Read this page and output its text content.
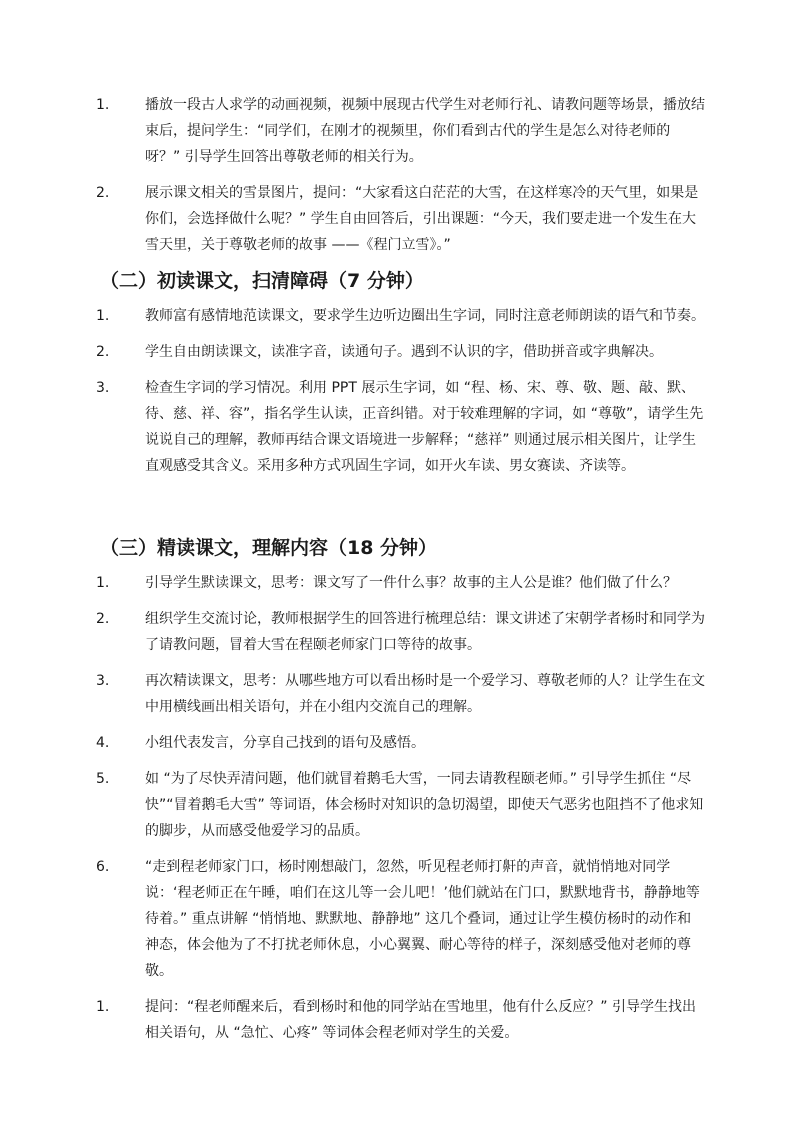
1.	播放一段古人求学的动画视频，视频中展现古代学生对老师行礼、请教问题等场景，播放结束后，提问学生：“同学们，在刚才的视频里，你们看到古代的学生是怎么对待老师的呀？” 引导学生回答出尊敬老师的相关行为。
2.	展示课文相关的雪景图片，提问：“大家看这白茫茫的大雪，在这样寒冷的天气里，如果是你们，会选择做什么呢？” 学生自由回答后，引出课题：“今天，我们要走进一个发生在大雪天里，关于尊敬老师的故事 ——《程门立雪》。”
（二）初读课文，扫清障碍（7 分钟）
1.	教师富有感情地范读课文，要求学生边听边圈出生字词，同时注意老师朗读的语气和节奏。
2.	学生自由朗读课文，读准字音，读通句子。遇到不认识的字，借助拼音或字典解决。
3.	检查生字词的学习情况。利用 PPT 展示生字词，如 “程、杨、宋、尊、敬、题、敲、默、待、慈、祥、容”，指名学生认读，正音纠错。对于较难理解的字词，如 “尊敬”，请学生先说说自己的理解，教师再结合课文语境进一步解释；“慈祥” 则通过展示相关图片，让学生直观感受其含义。采用多种方式巩固生字词，如开火车读、男女赛读、齐读等。
（三）精读课文，理解内容（18 分钟）
1.	引导学生默读课文，思考：课文写了一件什么事？故事的主人公是谁？他们做了什么？
2.	组织学生交流讨论，教师根据学生的回答进行梳理总结：课文讲述了宋朝学者杨时和同学为了请教问题，冒着大雪在程颐老师家门口等待的故事。
3.	再次精读课文，思考：从哪些地方可以看出杨时是一个爱学习、尊敬老师的人？让学生在文中用横线画出相关语句，并在小组内交流自己的理解。
4.	小组代表发言，分享自己找到的语句及感悟。
5.	如 “为了尽快弄清问题，他们就冒着鹅毛大雪，一同去请教程颐老师。” 引导学生抓住 “尽快”“冒着鹅毛大雪” 等词语，体会杨时对知识的急切渴望，即使天气恶劣也阻挡不了他求知的脚步，从而感受他爱学习的品质。
6.	“走到程老师家门口，杨时刚想敲门，忽然，听见程老师打鼾的声音，就悄悄地对同学说：‘程老师正在午睡，咱们在这儿等一会儿吧！’他们就站在门口，默默地背书，静静地等待着。” 重点讲解 “悄悄地、默默地、静静地” 这几个叠词，通过让学生模仿杨时的动作和神态，体会他为了不打扰老师休息，小心翼翼、耐心等待的样子，深刻感受他对老师的尊敬。
1.	提问：“程老师醒来后，看到杨时和他的同学站在雪地里，他有什么反应？” 引导学生找出相关语句，从 “急忙、心疼” 等词体会程老师对学生的关爱。
